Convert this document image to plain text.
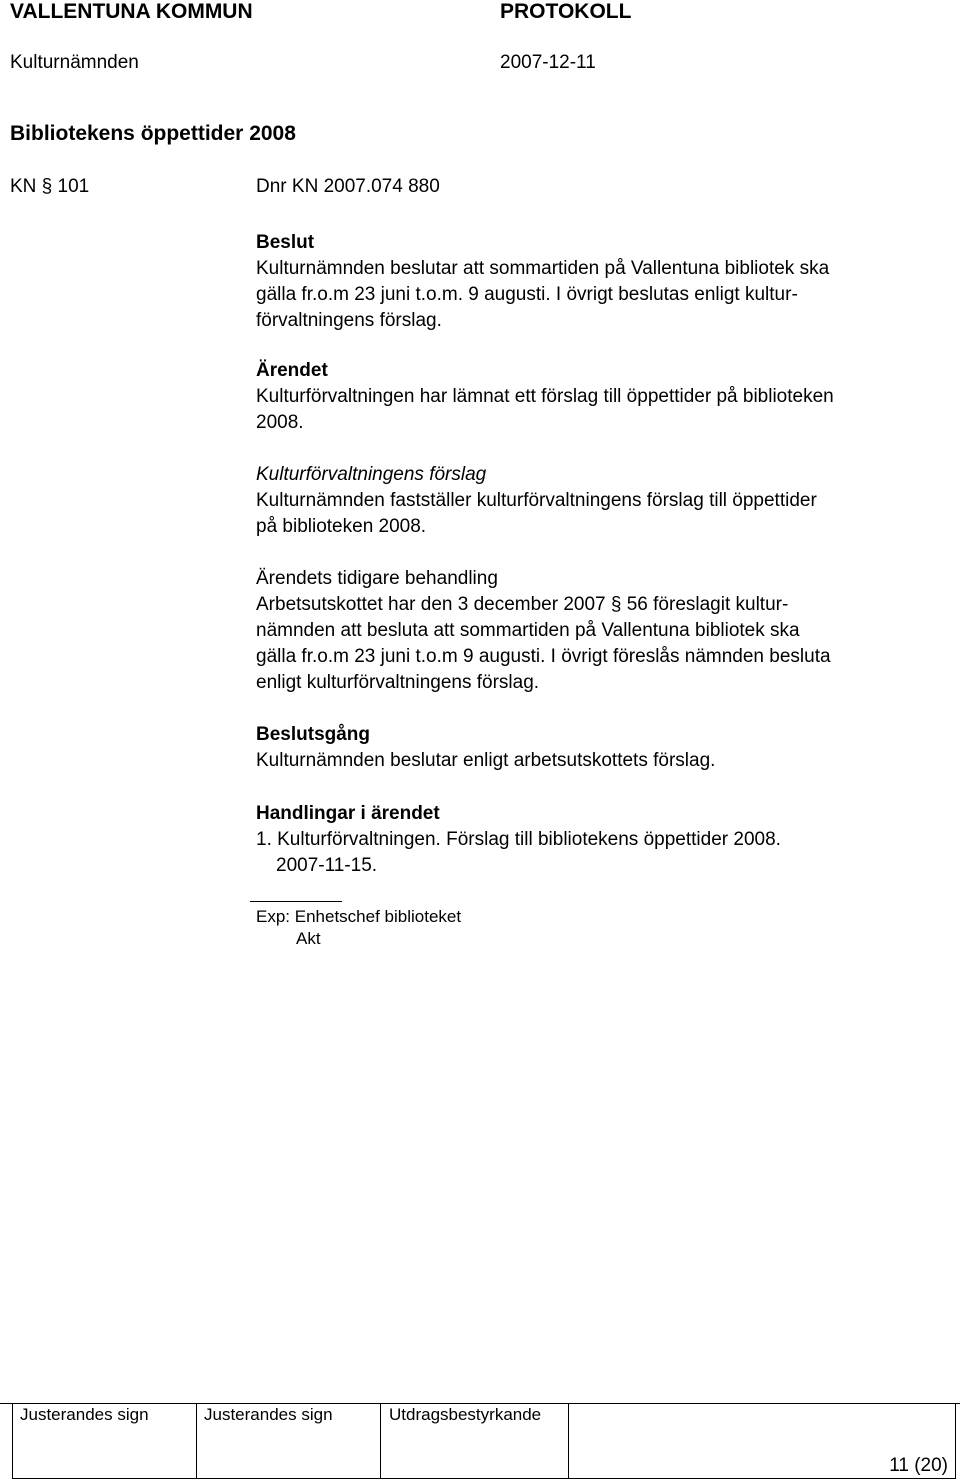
VALLENTUNA KOMMUN	PROTOKOLL
Kulturnämnden	2007-12-11
Bibliotekens öppettider 2008
KN § 101	Dnr KN 2007.074 880
Beslut
Kulturnämnden beslutar att sommartiden på Vallentuna bibliotek ska
gälla fr.o.m 23 juni t.o.m. 9 augusti. I övrigt beslutas enligt kultur-
förvaltningens förslag.
Ärendet
Kulturförvaltningen har lämnat ett förslag till öppettider på biblioteken
2008.
Kulturförvaltningens förslag
Kulturnämnden fastställer kulturförvaltningens förslag till öppettider
på biblioteken 2008.
Ärendets tidigare behandling
Arbetsutskottet har den 3 december 2007 § 56 föreslagit kultur-
nämnden att besluta att sommartiden på Vallentuna bibliotek ska
gälla fr.o.m 23 juni t.o.m 9 augusti. I övrigt föreslås nämnden besluta
enligt kulturförvaltningens förslag.
Beslutsgång
Kulturnämnden beslutar enligt arbetsutskottets förslag.
Handlingar i ärendet
1. Kulturförvaltningen. Förslag till bibliotekens öppettider 2008.
2007-11-15.
Exp: Enhetschef biblioteket
Akt
Justerandes sign	Justerandes sign	Utdragsbestyrkande
11 (20)
